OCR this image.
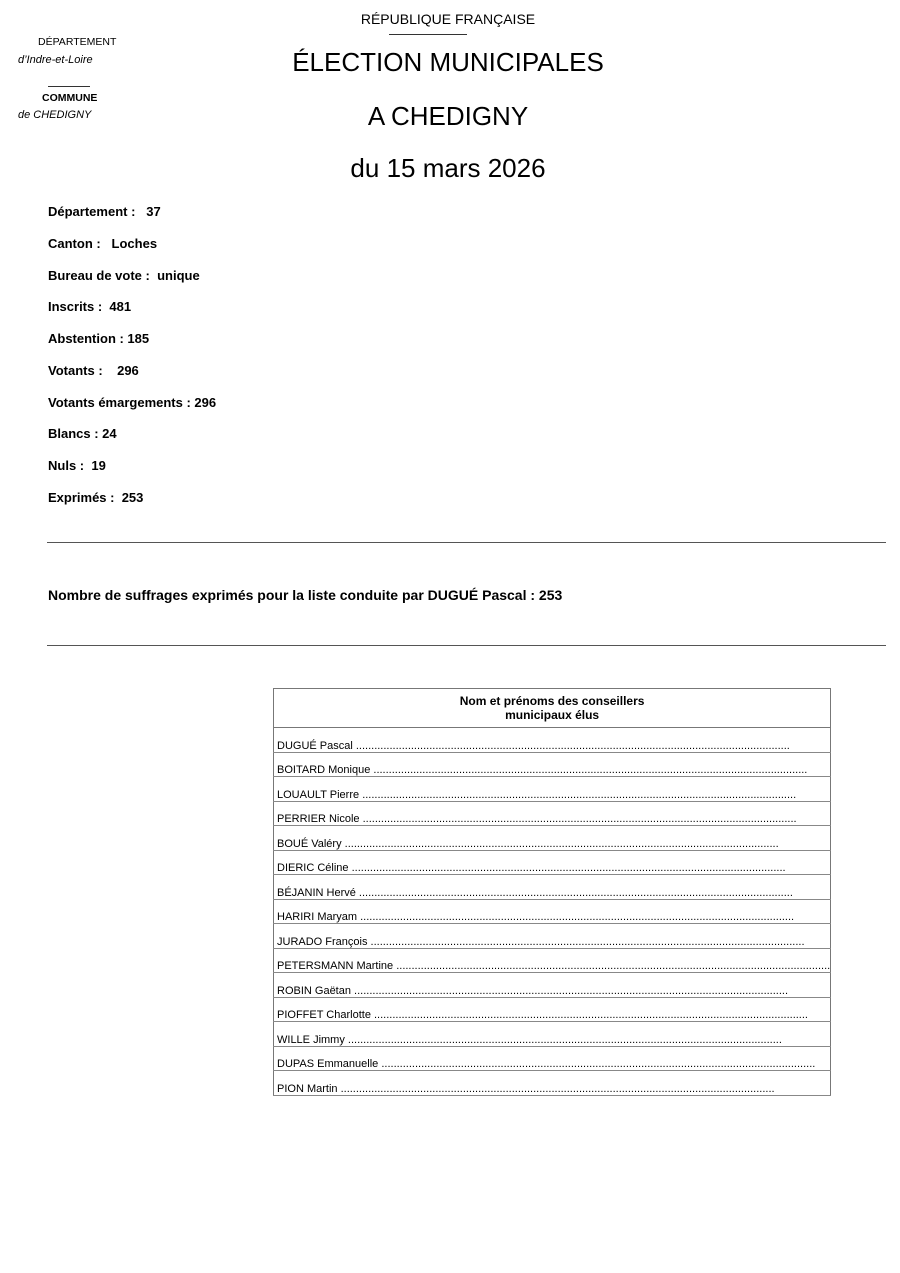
DÉPARTEMENT
d’Indre-et-Loire
COMMUNE
de CHEDIGNY
RÉPUBLIQUE FRANÇAISE
ÉLECTION MUNICIPALES
A CHEDIGNY
du 15 mars 2026
Département :   37
Canton :   Loches
Bureau de vote :  unique
Inscrits :  481
Abstention : 185
Votants :    296
Votants émargements : 296
Blancs : 24
Nuls :  19
Exprimés :  253
Nombre de suffrages exprimés pour la liste conduite par DUGUÉ Pascal : 253
Nom et prénoms des conseillers
municipaux élus

DUGUÉ Pascal

.....

BOITARD Monique

.....

LOUAULT Pierre

.....

PERRIER Nicole

.....

BOUÉ Valéry

.....

DIERIC Céline

.....

BÉJANIN Hervé

.....

HARIRI Maryam

.....

JURADO François

.....

PETERSMANN Martine

.....

ROBIN Gaëtan

.....

PIOFFET Charlotte

.....

WILLE Jimmy

.....

DUPAS Emmanuelle

.....

PION Martin

.....
